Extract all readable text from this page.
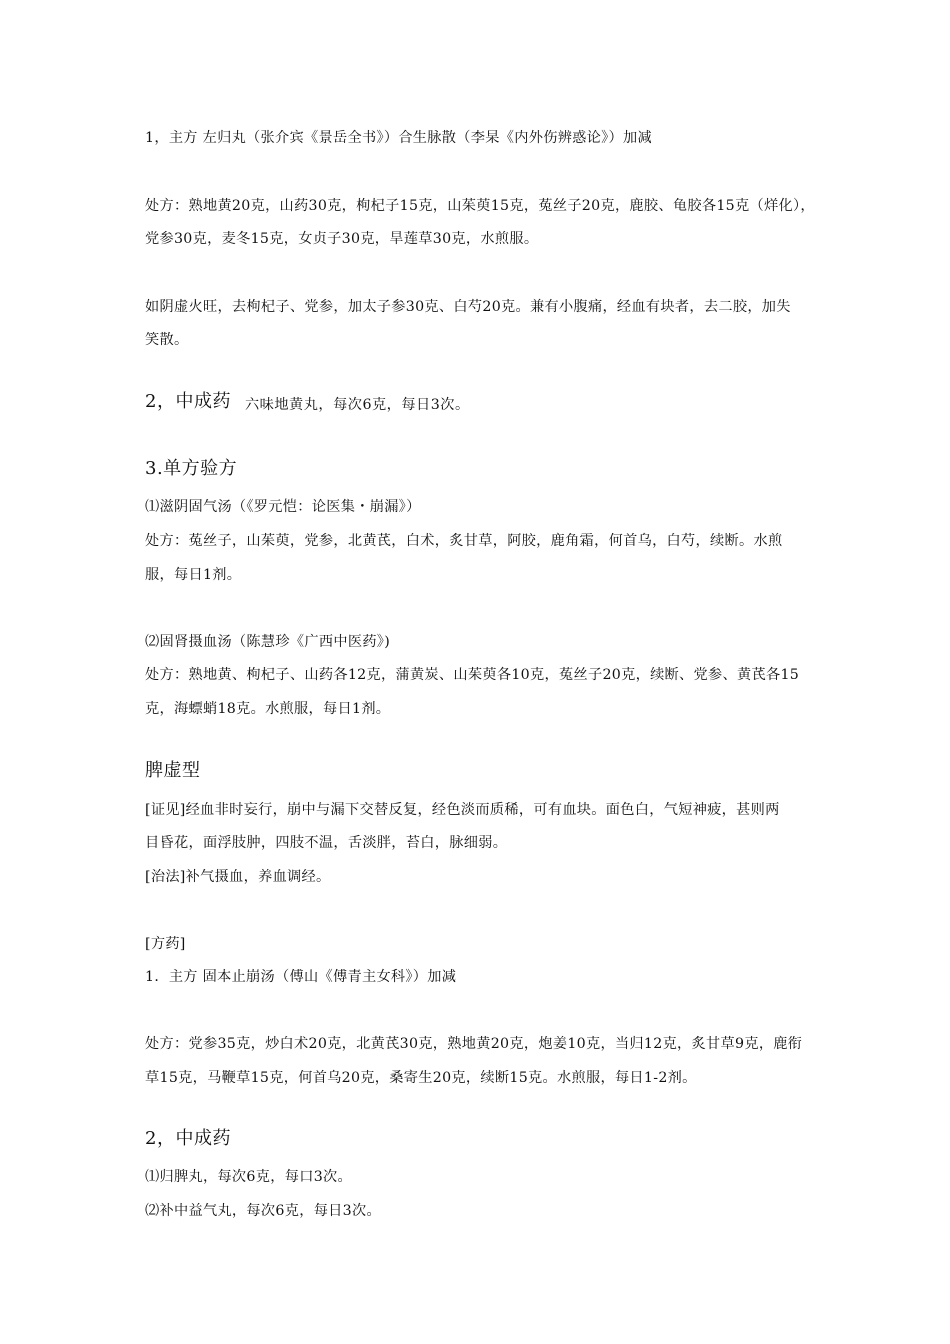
1，主方 左归丸（张介宾《景岳全书》）合生脉散（李杲《内外伤辨惑论》）加减
处方：熟地黄20克，山药30克，枸杞子15克，山茱萸15克，菟丝子20克，鹿胶、龟胶各15克（烊化），
党参30克，麦冬15克，女贞子30克，旱莲草30克，水煎服。
如阴虚火旺，去枸杞子、党参，加太子参30克、白芍20克。兼有小腹痛，经血有块者，去二胶，加失
笑散。
2，中成药 六味地黄丸，每次6克，每日3次。
3.单方验方
⑴滋阴固气汤（《罗元恺：论医集・崩漏》）
处方：菟丝子，山茱萸，党参，北黄芪，白术，炙甘草，阿胶，鹿角霜，何首乌，白芍，续断。水煎
服，每日1剂。
⑵固肾摄血汤（陈慧珍《广西中医药》)
处方：熟地黄、枸杞子、山药各12克，蒲黄炭、山茱萸各10克，菟丝子20克，续断、党参、黄芪各15
克，海螵蛸18克。水煎服，每日1剂。
脾虚型
[证见]经血非时妄行，崩中与漏下交替反复，经色淡而质稀，可有血块。面色白，气短神疲，甚则两
目昏花，面浮肢肿，四肢不温，舌淡胖，苔白，脉细弱。
[治法]补气摄血，养血调经。
[方药]
1．主方 固本止崩汤（傅山《傅青主女科》）加减
处方：党参35克，炒白术20克，北黄芪30克，熟地黄20克，炮姜10克，当归12克，炙甘草9克，鹿衔
草15克，马鞭草15克，何首乌20克，桑寄生20克，续断15克。水煎服，每日1-2剂。
2，中成药
⑴归脾丸，每次6克，每口3次。
⑵补中益气丸，每次6克，每日3次。
